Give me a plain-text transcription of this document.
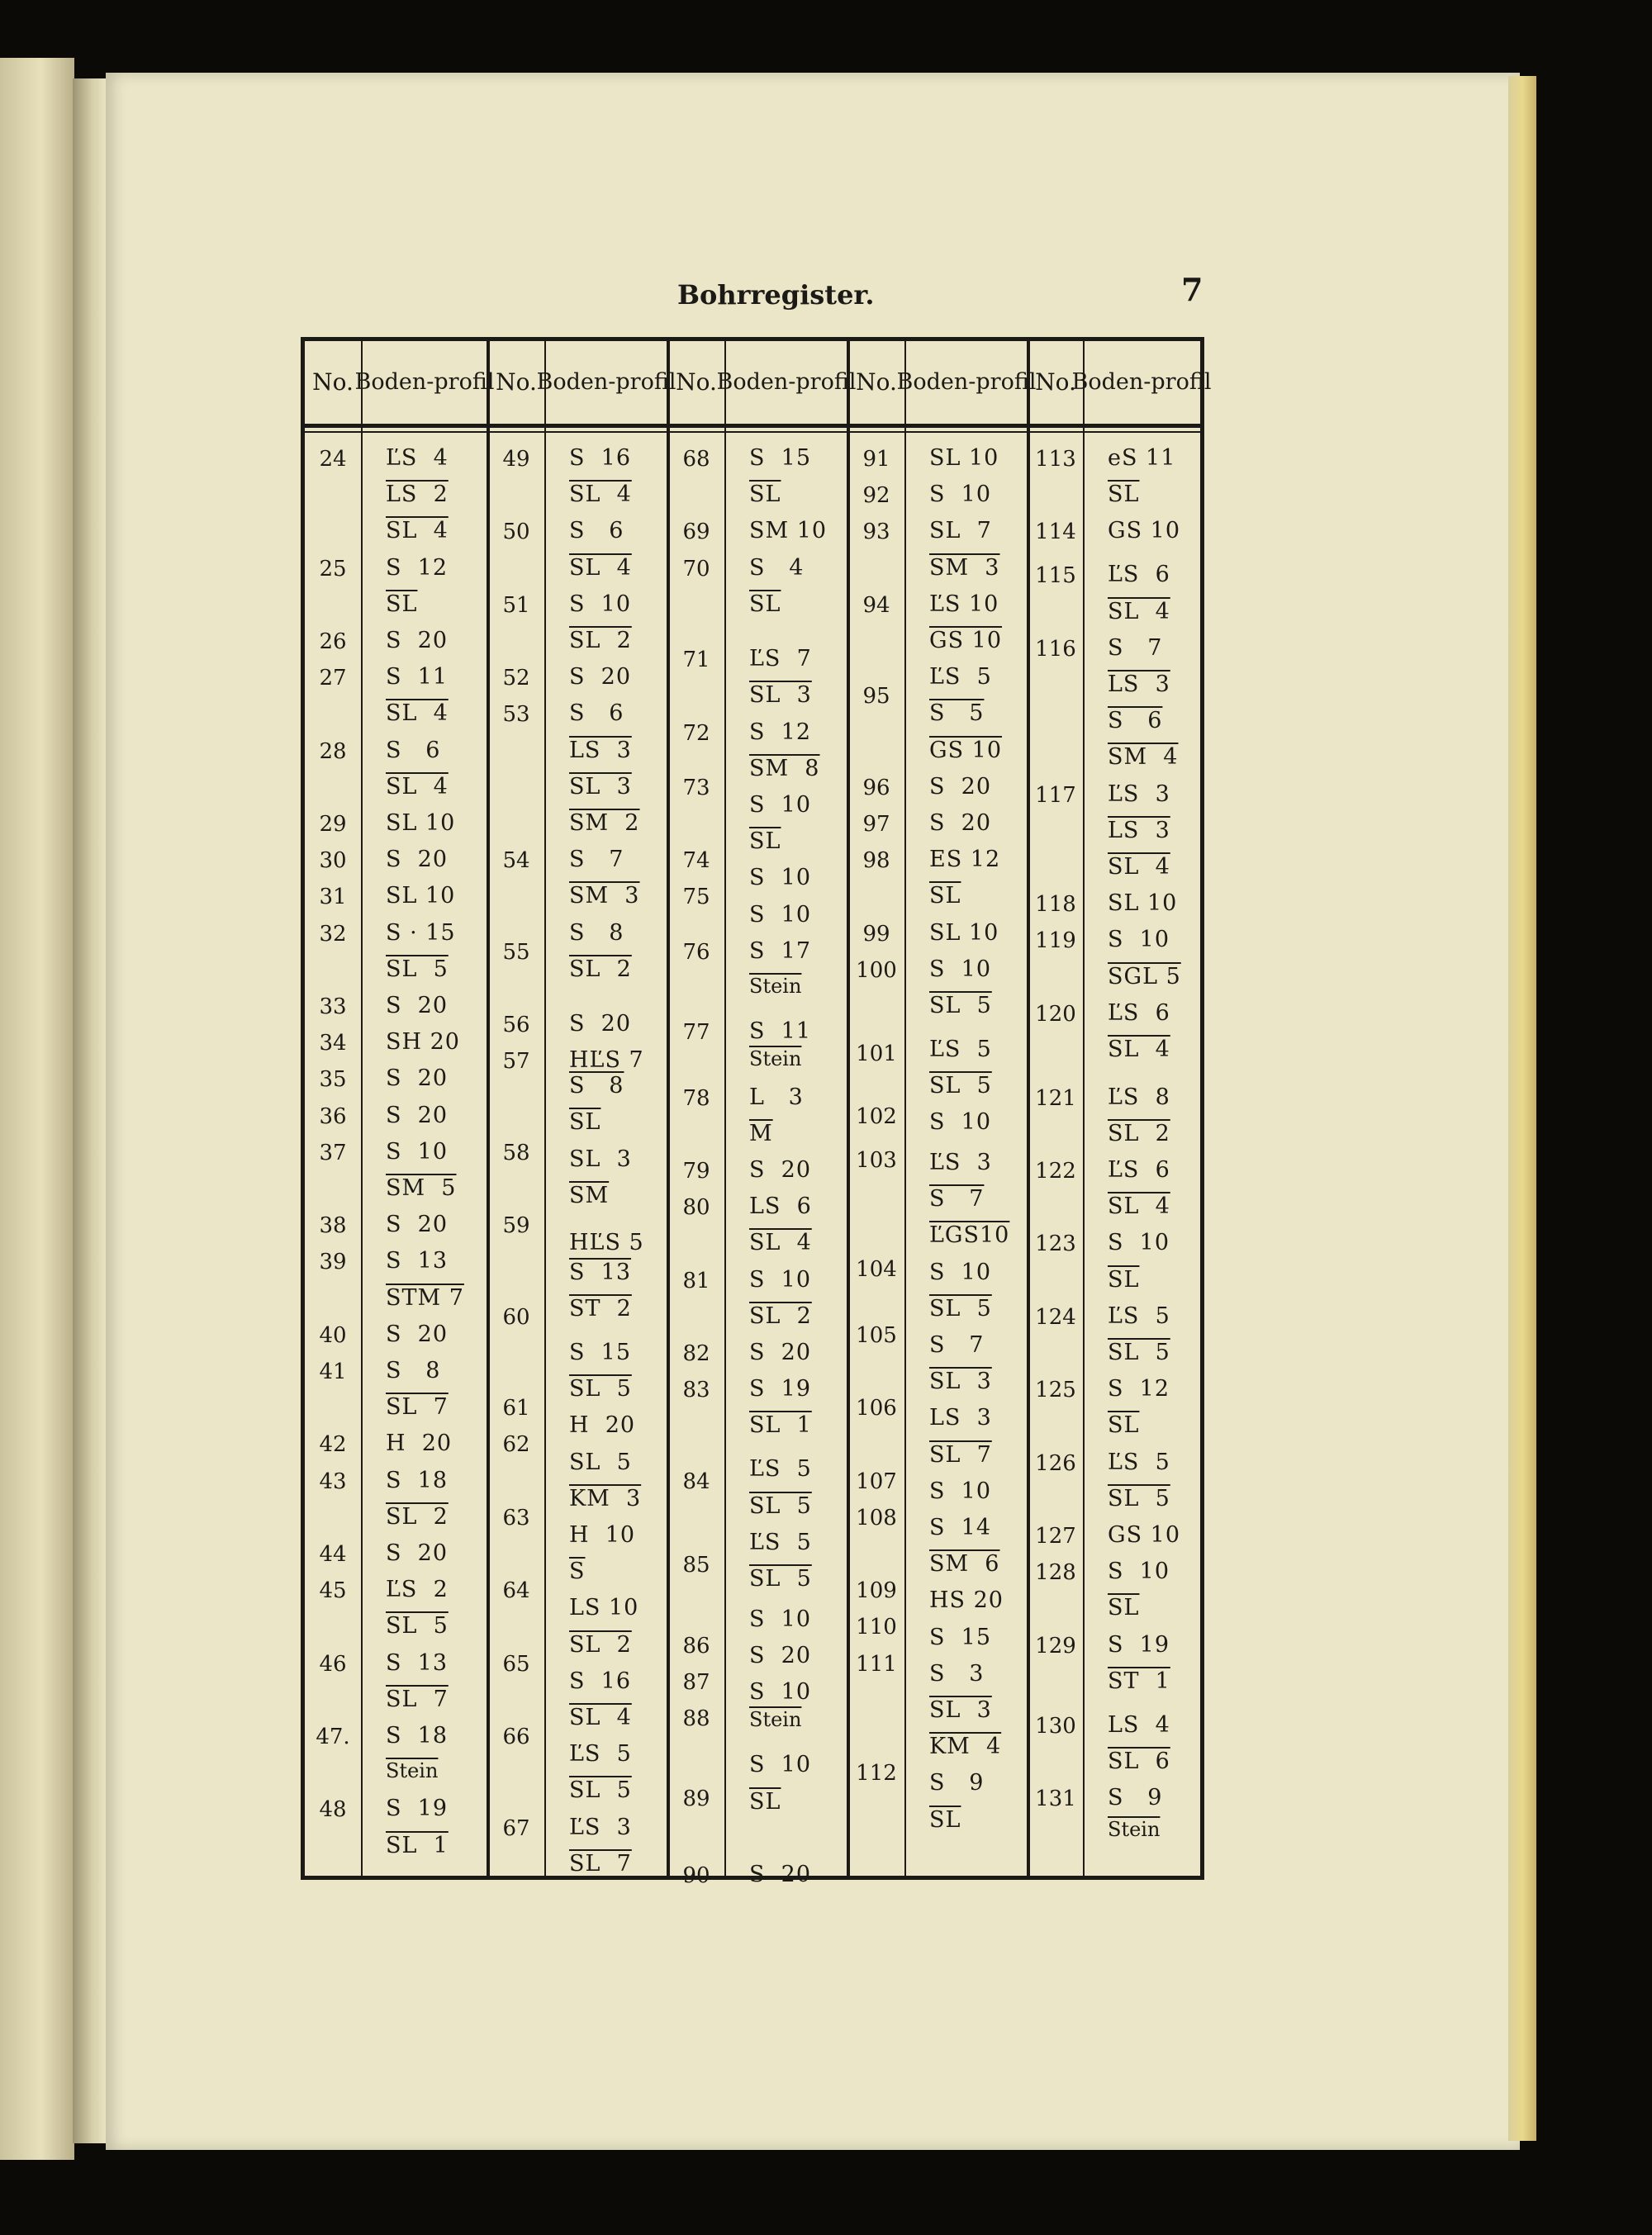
Bohrregister.	7
24
25
26
27
28
29
30
31
32
33
34
35
36
37
38
39
40
41
42
43
44
45
46
47.
48
ĽS  4
LS  2
SL  4
S  12
$\overline{SL}$
S  20
S  11
SL  4
S   6
SL  4
SL 10
S  20
SL 10
S · 15
SL  5
S  20
SH 20
S  20
S  20
S  10
SM  5
S  20
S  13
STM 7
S  20
S   8
SL  7
H  20
S  18
SL  2
S  20
ĽS  2
SL  5
S  13
SL  7
S  18
Stein
S  19
SL  1
49
50
51
52
53
54
55
56
57
58
59
60
61
62
63
64
65
66
67
S  16
SL  4
S   6
SL  4
S  10
SL  2
S  20
S   6
LS  3
SL  3
SM  2
S   7
SM  3
S   8
SL  2
S  20
HĽS 7
S   8
$\overline{SL}$
SL  3
$\overline{SM}$
HĽS 5
S  13
ST  2
S  15
SL  5
H  20
SL  5
KM  3
H  10
$\overline{S}$
LS 10
SL  2
S  16
SL  4
ĽS  5
SL  5
ĽS  3
SL  7
68
69
70
71
72
73
74
75
76
77
78
79
80
81
82
83
84
85
86
87
88
89
90
S  15
$\overline{SL}$
SM 10
S   4
$\overline{SL}$
ĽS  7
SL  3
S  12
SM  8
S  10
$\overline{SL}$
S  10
S  10
S  17
Stein
S  11
Stein
L   3
$\overline{M}$
S  20
LS  6
SL  4
S  10
SL  2
S  20
S  19
SL  1
ĽS  5
SL  5
ĽS  5
SL  5
S  10
S  20
S  10
Stein
S  10
$\overline{SL}$
S  20
91
92
93
94
95
96
97
98
99
100
101
102
103
104
105
106
107
108
109
110
111
112
SL 10
S  10
SL  7
SM  3
ĽS 10
GS 10
ĽS  5
S   5
GS 10
S  20
S  20
ES 12
$\overline{SL}$
SL 10
S  10
SL  5
ĽS  5
SL  5
S  10
ĽS  3
S   7
ĽGS10
S  10
SL  5
S   7
SL  3
LS  3
SL  7
S  10
S  14
SM  6
HS 20
S  15
S   3
SL  3
KM  4
S   9
$\overline{SL}$
113
114
115
116
117
118
119
120
121
122
123
124
125
126
127
128
129
130
131
eS 11
$\overline{SL}$
GS 10
ĽS  6
SL  4
S   7
LS  3
S   6
SM  4
ĽS  3
LS  3
SL  4
SL 10
S  10
SGL 5
ĽS  6
SL  4
ĽS  8
SL  2
ĽS  6
SL  4
S  10
$\overline{SL}$
ĽS  5
SL  5
S  12
$\overline{SL}$
ĽS  5
SL  5
GS 10
S  10
$\overline{SL}$
S  19
ST  1
LS  4
SL  6
S   9
Stein
No. Boden- profil No. Boden- profil No. Boden- profil No. Boden- profil
No.
Boden- profil
